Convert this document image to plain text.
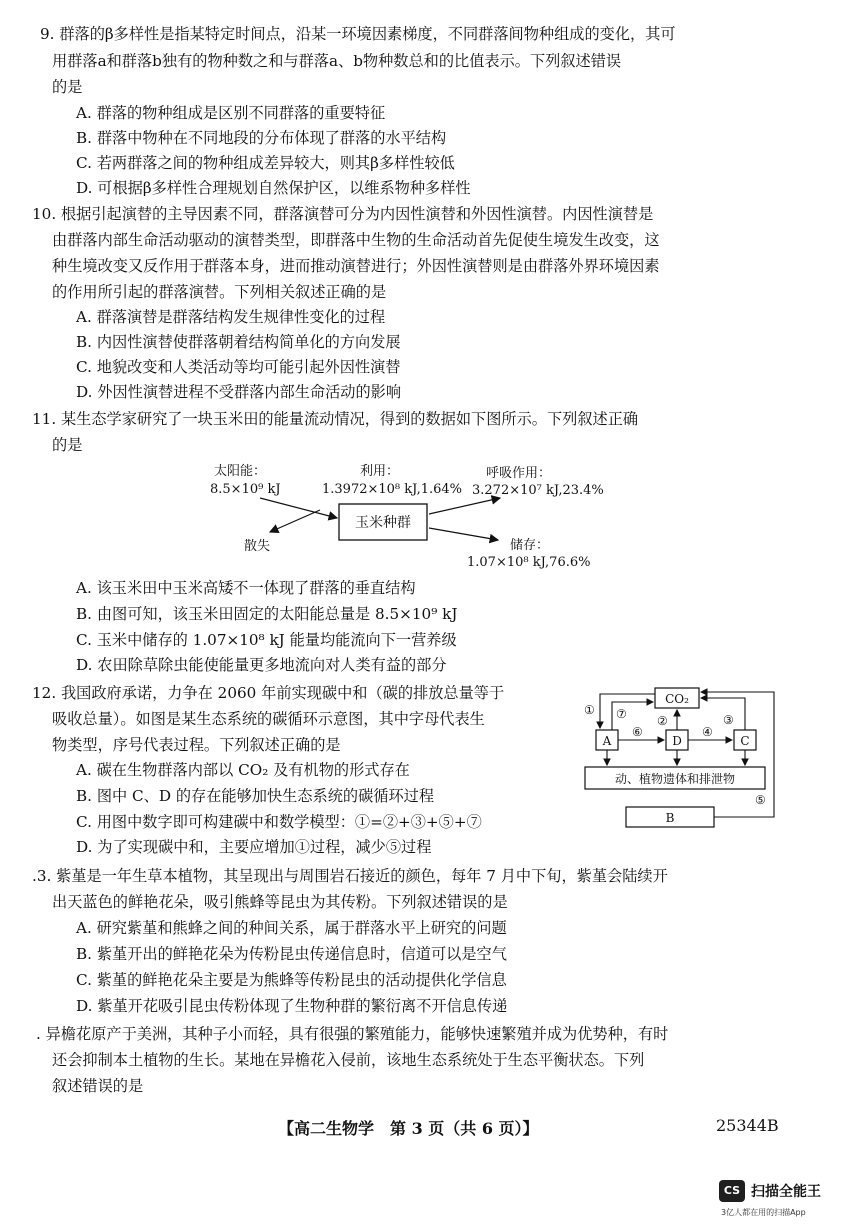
9. 群落的β多样性是指某特定时间点，沿某一环境因素梯度，不同群落间物种组成的变化，其可
用群落a和群落b独有的物种数之和与群落a、b物种数总和的比值表示。下列叙述错误
的是
A. 群落的物种组成是区别不同群落的重要特征
B. 群落中物种在不同地段的分布体现了群落的水平结构
C. 若两群落之间的物种组成差异较大，则其β多样性较低
D. 可根据β多样性合理规划自然保护区，以维系物种多样性
10. 根据引起演替的主导因素不同，群落演替可分为内因性演替和外因性演替。内因性演替是
由群落内部生命活动驱动的演替类型，即群落中生物的生命活动首先促使生境发生改变，这
种生境改变又反作用于群落本身，进而推动演替进行；外因性演替则是由群落外界环境因素
的作用所引起的群落演替。下列相关叙述正确的是
A. 群落演替是群落结构发生规律性变化的过程
B. 内因性演替使群落朝着结构简单化的方向发展
C. 地貌改变和人类活动等均可能引起外因性演替
D. 外因性演替进程不受群落内部生命活动的影响
11. 某生态学家研究了一块玉米田的能量流动情况，得到的数据如下图所示。下列叙述正确
的是
太阳能：
8.5×10⁹ kJ
利用：
1.3972×10⁸ kJ,1.64%
呼吸作用：
3.272×10⁷ kJ,23.4%
玉米种群
散失	储存：
1.07×10⁸ kJ,76.6%
A. 该玉米田中玉米高矮不一体现了群落的垂直结构
B. 由图可知，该玉米田固定的太阳能总量是 8.5×10⁹ kJ
C. 玉米中储存的 1.07×10⁸ kJ 能量均能流向下一营养级
D. 农田除草除虫能使能量更多地流向对人类有益的部分
12. 我国政府承诺，力争在 2060 年前实现碳中和（碳的排放总量等于
吸收总量）。如图是某生态系统的碳循环示意图，其中字母代表生
物类型，序号代表过程。下列叙述正确的是
A. 碳在生物群落内部以 CO₂ 及有机物的形式存在
B. 图中 C、D 的存在能够加快生态系统的碳循环过程
C. 用图中数字即可构建碳中和数学模型：①=②+③+⑤+⑦
D. 为了实现碳中和，主要应增加①过程，减少⑤过程
CO₂
A	D	C
动、植物遗体和排泄物
B
① ⑦	②	③
⑥	④
⑤
.3. 紫堇是一年生草本植物，其呈现出与周围岩石接近的颜色，每年 7 月中下旬，紫堇会陆续开
出天蓝色的鲜艳花朵，吸引熊蜂等昆虫为其传粉。下列叙述错误的是
A. 研究紫堇和熊蜂之间的种间关系，属于群落水平上研究的问题
B. 紫堇开出的鲜艳花朵为传粉昆虫传递信息时，信道可以是空气
C. 紫堇的鲜艳花朵主要是为熊蜂等传粉昆虫的活动提供化学信息
D. 紫堇开花吸引昆虫传粉体现了生物种群的繁衍离不开信息传递
. 异檐花原产于美洲，其种子小而轻，具有很强的繁殖能力，能够快速繁殖并成为优势种，有时
还会抑制本土植物的生长。某地在异檐花入侵前，该地生态系统处于生态平衡状态。下列
叙述错误的是
【高二生物学　第 3 页（共 6 页）】	25344B
CS 扫描全能王
3亿人都在用的扫描App
